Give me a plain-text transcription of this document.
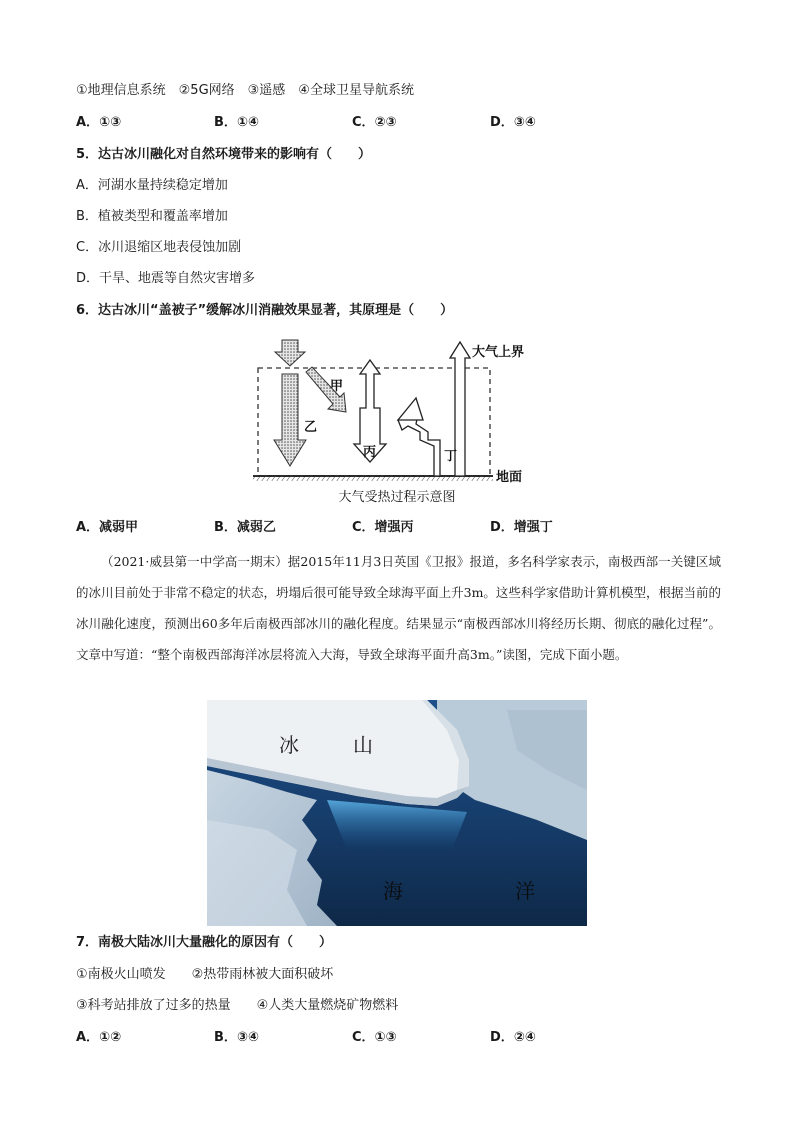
①地理信息系统　②5G网络　③遥感　④全球卫星导航系统
A．①③	B．①④	C．②③	D．③④
5．达古冰川融化对自然环境带来的影响有（　　）
A．河湖水量持续稳定增加
B．植被类型和覆盖率增加
C．冰川退缩区地表侵蚀加剧
D．干旱、地震等自然灾害增多
6．达古冰川“盖被子”缓解冰川消融效果显著，其原理是（　　）
大气上界
地面
甲
乙
丙	丁
大气受热过程示意图
A．减弱甲	B．减弱乙	C．增强丙	D．增强丁
（2021·威县第一中学高一期末）据2015年11月3日英国《卫报》报道，多名科学家表示，南极西部一关键区域的冰川目前处于非常不稳定的状态，坍塌后很可能导致全球海平面上升3m。这些科学家借助计算机模型，根据当前的冰川融化速度，预测出60多年后南极西部冰川的融化程度。结果显示“南极西部冰川将经历长期、彻底的融化过程”。文章中写道：“整个南极西部海洋冰层将流入大海，导致全球海平面升高3m。”读图，完成下面小题。
冰	山
海	洋
7．南极大陆冰川大量融化的原因有（　　）
①南极火山喷发　　②热带雨林被大面积破坏
③科考站排放了过多的热量　　④人类大量燃烧矿物燃料
A．①②	B．③④	C．①③	D．②④
